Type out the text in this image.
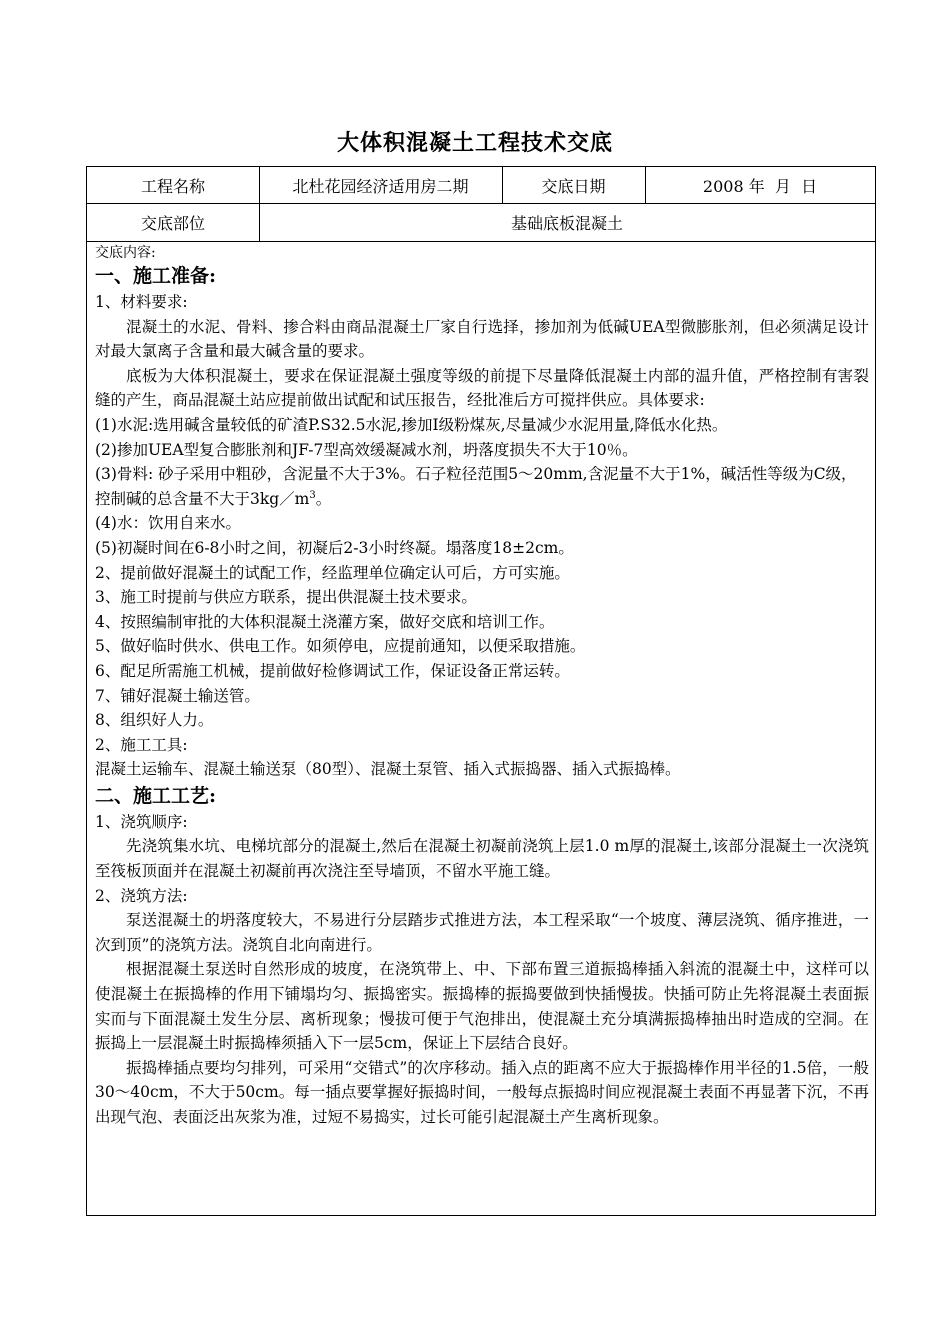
大体积混凝土工程技术交底
工程名称	北杜花园经济适用房二期	交底日期	2008 年  月  日
交底部位	基础底板混凝土

交底内容:

一、施工准备:

1、材料要求:

混凝土的水泥、骨料、掺合料由商品混凝土厂家自行选择，掺加剂为低碱UEA型微膨胀剂，但必须满足设计对最大氯离子含量和最大碱含量的要求。

底板为大体积混凝土，要求在保证混凝土强度等级的前提下尽量降低混凝土内部的温升值，严格控制有害裂缝的产生，商品混凝土站应提前做出试配和试压报告，经批准后方可搅拌供应。具体要求:

(1)水泥:选用碱含量较低的矿渣P.S32.5水泥,掺加Ⅰ级粉煤灰,尽量减少水泥用量,降低水化热。

(2)掺加UEA型复合膨胀剂和JF-7型高效缓凝减水剂，坍落度损失不大于10％。

(3)骨料: 砂子采用中粗砂，含泥量不大于3%。石子粒径范围5～20mm,含泥量不大于1%，碱活性等级为C级，控制碱的总含量不大于$3kg/m^3$。

(4)水：饮用自来水。

(5)初凝时间在6-8小时之间，初凝后2-3小时终凝。塌落度18±2cm。

2、提前做好混凝土的试配工作，经监理单位确定认可后，方可实施。

3、施工时提前与供应方联系，提出供混凝土技术要求。

4、按照编制审批的大体积混凝土浇灌方案，做好交底和培训工作。

5、做好临时供水、供电工作。如须停电，应提前通知，以便采取措施。

6、配足所需施工机械，提前做好检修调试工作，保证设备正常运转。

7、铺好混凝土输送管。

8、组织好人力。

2、施工工具:

混凝土运输车、混凝土输送泵（80型）、混凝土泵管、插入式振捣器、插入式振捣棒。

二、施工工艺:

1、浇筑顺序:

先浇筑集水坑、电梯坑部分的混凝土,然后在混凝土初凝前浇筑上层1.0 m厚的混凝土,该部分混凝土一次浇筑至筏板顶面并在混凝土初凝前再次浇注至导墙顶，不留水平施工缝。

2、浇筑方法:

泵送混凝土的坍落度较大，不易进行分层踏步式推进方法，本工程采取“一个坡度、薄层浇筑、循序推进，一次到顶”的浇筑方法。浇筑自北向南进行。

根据混凝土泵送时自然形成的坡度，在浇筑带上、中、下部布置三道振捣棒插入斜流的混凝土中，这样可以使混凝土在振捣棒的作用下铺塌均匀、振捣密实。振捣棒的振捣要做到快插慢拔。快插可防止先将混凝土表面振实而与下面混凝土发生分层、离析现象；慢拔可便于气泡排出，使混凝土充分填满振捣棒抽出时造成的空洞。在振捣上一层混凝土时振捣棒须插入下一层5cm，保证上下层结合良好。

振捣棒插点要均匀排列，可采用“交错式”的次序移动。插入点的距离不应大于振捣棒作用半径的1.5倍，一般30～40cm，不大于50cm。每一插点要掌握好振捣时间，一般每点振捣时间应视混凝土表面不再显著下沉，不再出现气泡、表面泛出灰浆为准，过短不易捣实，过长可能引起混凝土产生离析现象。
